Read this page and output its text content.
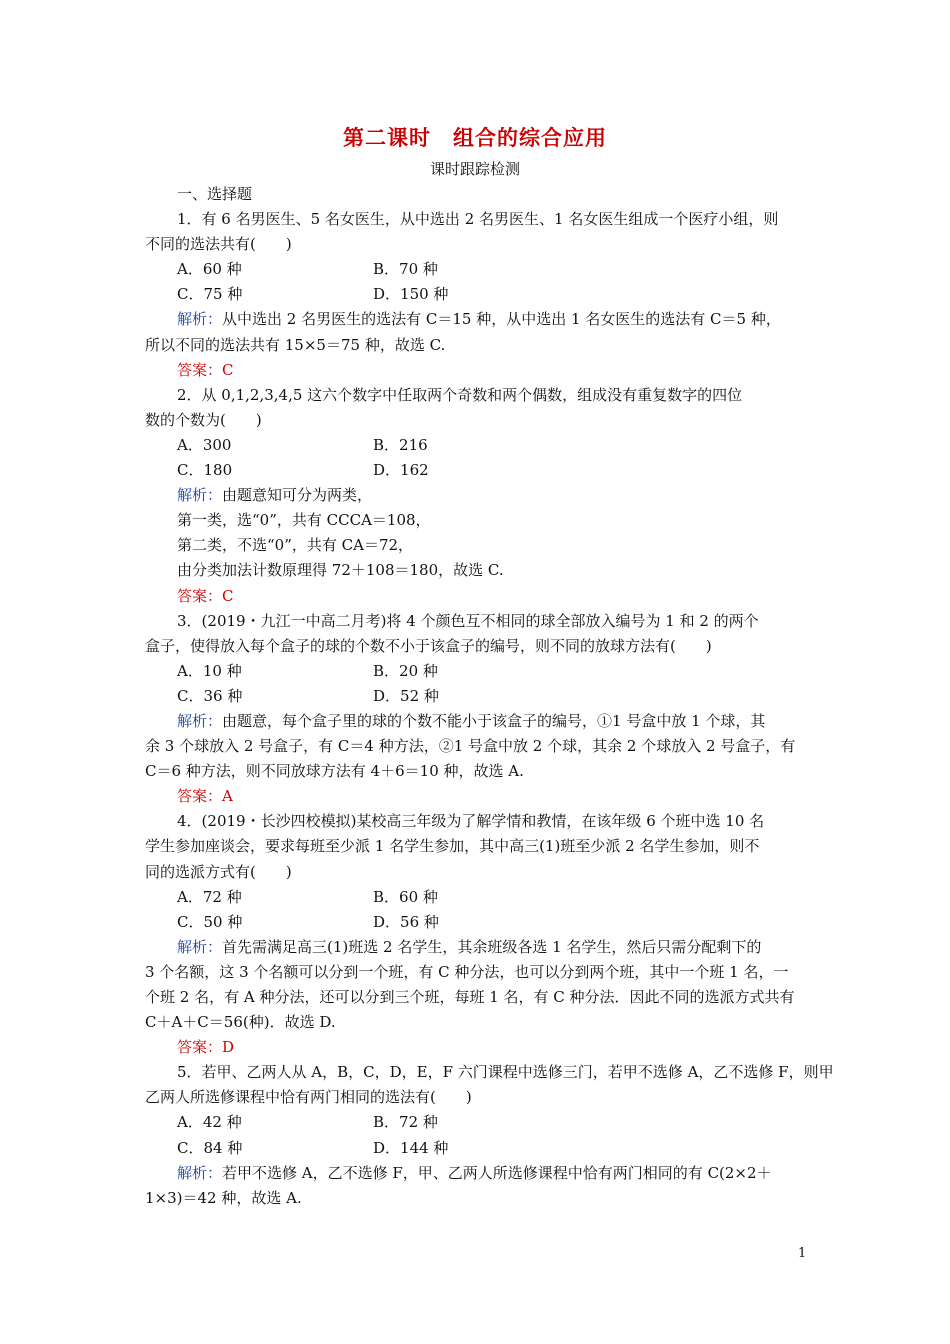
第二课时　组合的综合应用
课时跟踪检测
一、选择题
1．有 6 名男医生、5 名女医生，从中选出 2 名男医生、1 名女医生组成一个医疗小组，则
不同的选法共有(　　)
A．60 种	B．70 种
C．75 种	D．150 种
解析：从中选出 2 名男医生的选法有 C＝15 种，从中选出 1 名女医生的选法有 C＝5 种，
所以不同的选法共有 15×5＝75 种，故选 C.
答案：C
2．从 0,1,2,3,4,5 这六个数字中任取两个奇数和两个偶数，组成没有重复数字的四位
数的个数为(　　)
A．300	B．216
C．180	D．162
解析：由题意知可分为两类，
第一类，选“0”，共有 CCCA＝108，
第二类，不选“0”，共有 CA＝72，
由分类加法计数原理得 72＋108＝180，故选 C.
答案：C
3．(2019・九江一中高二月考)将 4 个颜色互不相同的球全部放入编号为 1 和 2 的两个
盒子，使得放入每个盒子的球的个数不小于该盒子的编号，则不同的放球方法有(　　)
A．10 种	B．20 种
C．36 种	D．52 种
解析：由题意，每个盒子里的球的个数不能小于该盒子的编号，①1 号盒中放 1 个球，其
余 3 个球放入 2 号盒子，有 C＝4 种方法，②1 号盒中放 2 个球，其余 2 个球放入 2 号盒子，有
C＝6 种方法，则不同放球方法有 4＋6＝10 种，故选 A.
答案：A
4．(2019・长沙四校模拟)某校高三年级为了解学情和教情，在该年级 6 个班中选 10 名
学生参加座谈会，要求每班至少派 1 名学生参加，其中高三(1)班至少派 2 名学生参加，则不
同的选派方式有(　　)
A．72 种	B．60 种
C．50 种	D．56 种
解析：首先需满足高三(1)班选 2 名学生，其余班级各选 1 名学生，然后只需分配剩下的
3 个名额，这 3 个名额可以分到一个班，有 C 种分法，也可以分到两个班，其中一个班 1 名，一
个班 2 名，有 A 种分法，还可以分到三个班，每班 1 名，有 C 种分法．因此不同的选派方式共有
C＋A＋C＝56(种)．故选 D.
答案：D
5．若甲、乙两人从 A，B，C，D，E，F 六门课程中选修三门，若甲不选修 A，乙不选修 F，则甲
乙两人所选修课程中恰有两门相同的选法有(　　)
A．42 种	B．72 种
C．84 种	D．144 种
解析：若甲不选修 A，乙不选修 F，甲、乙两人所选修课程中恰有两门相同的有 C(2×2＋
1×3)＝42 种，故选 A.
1
